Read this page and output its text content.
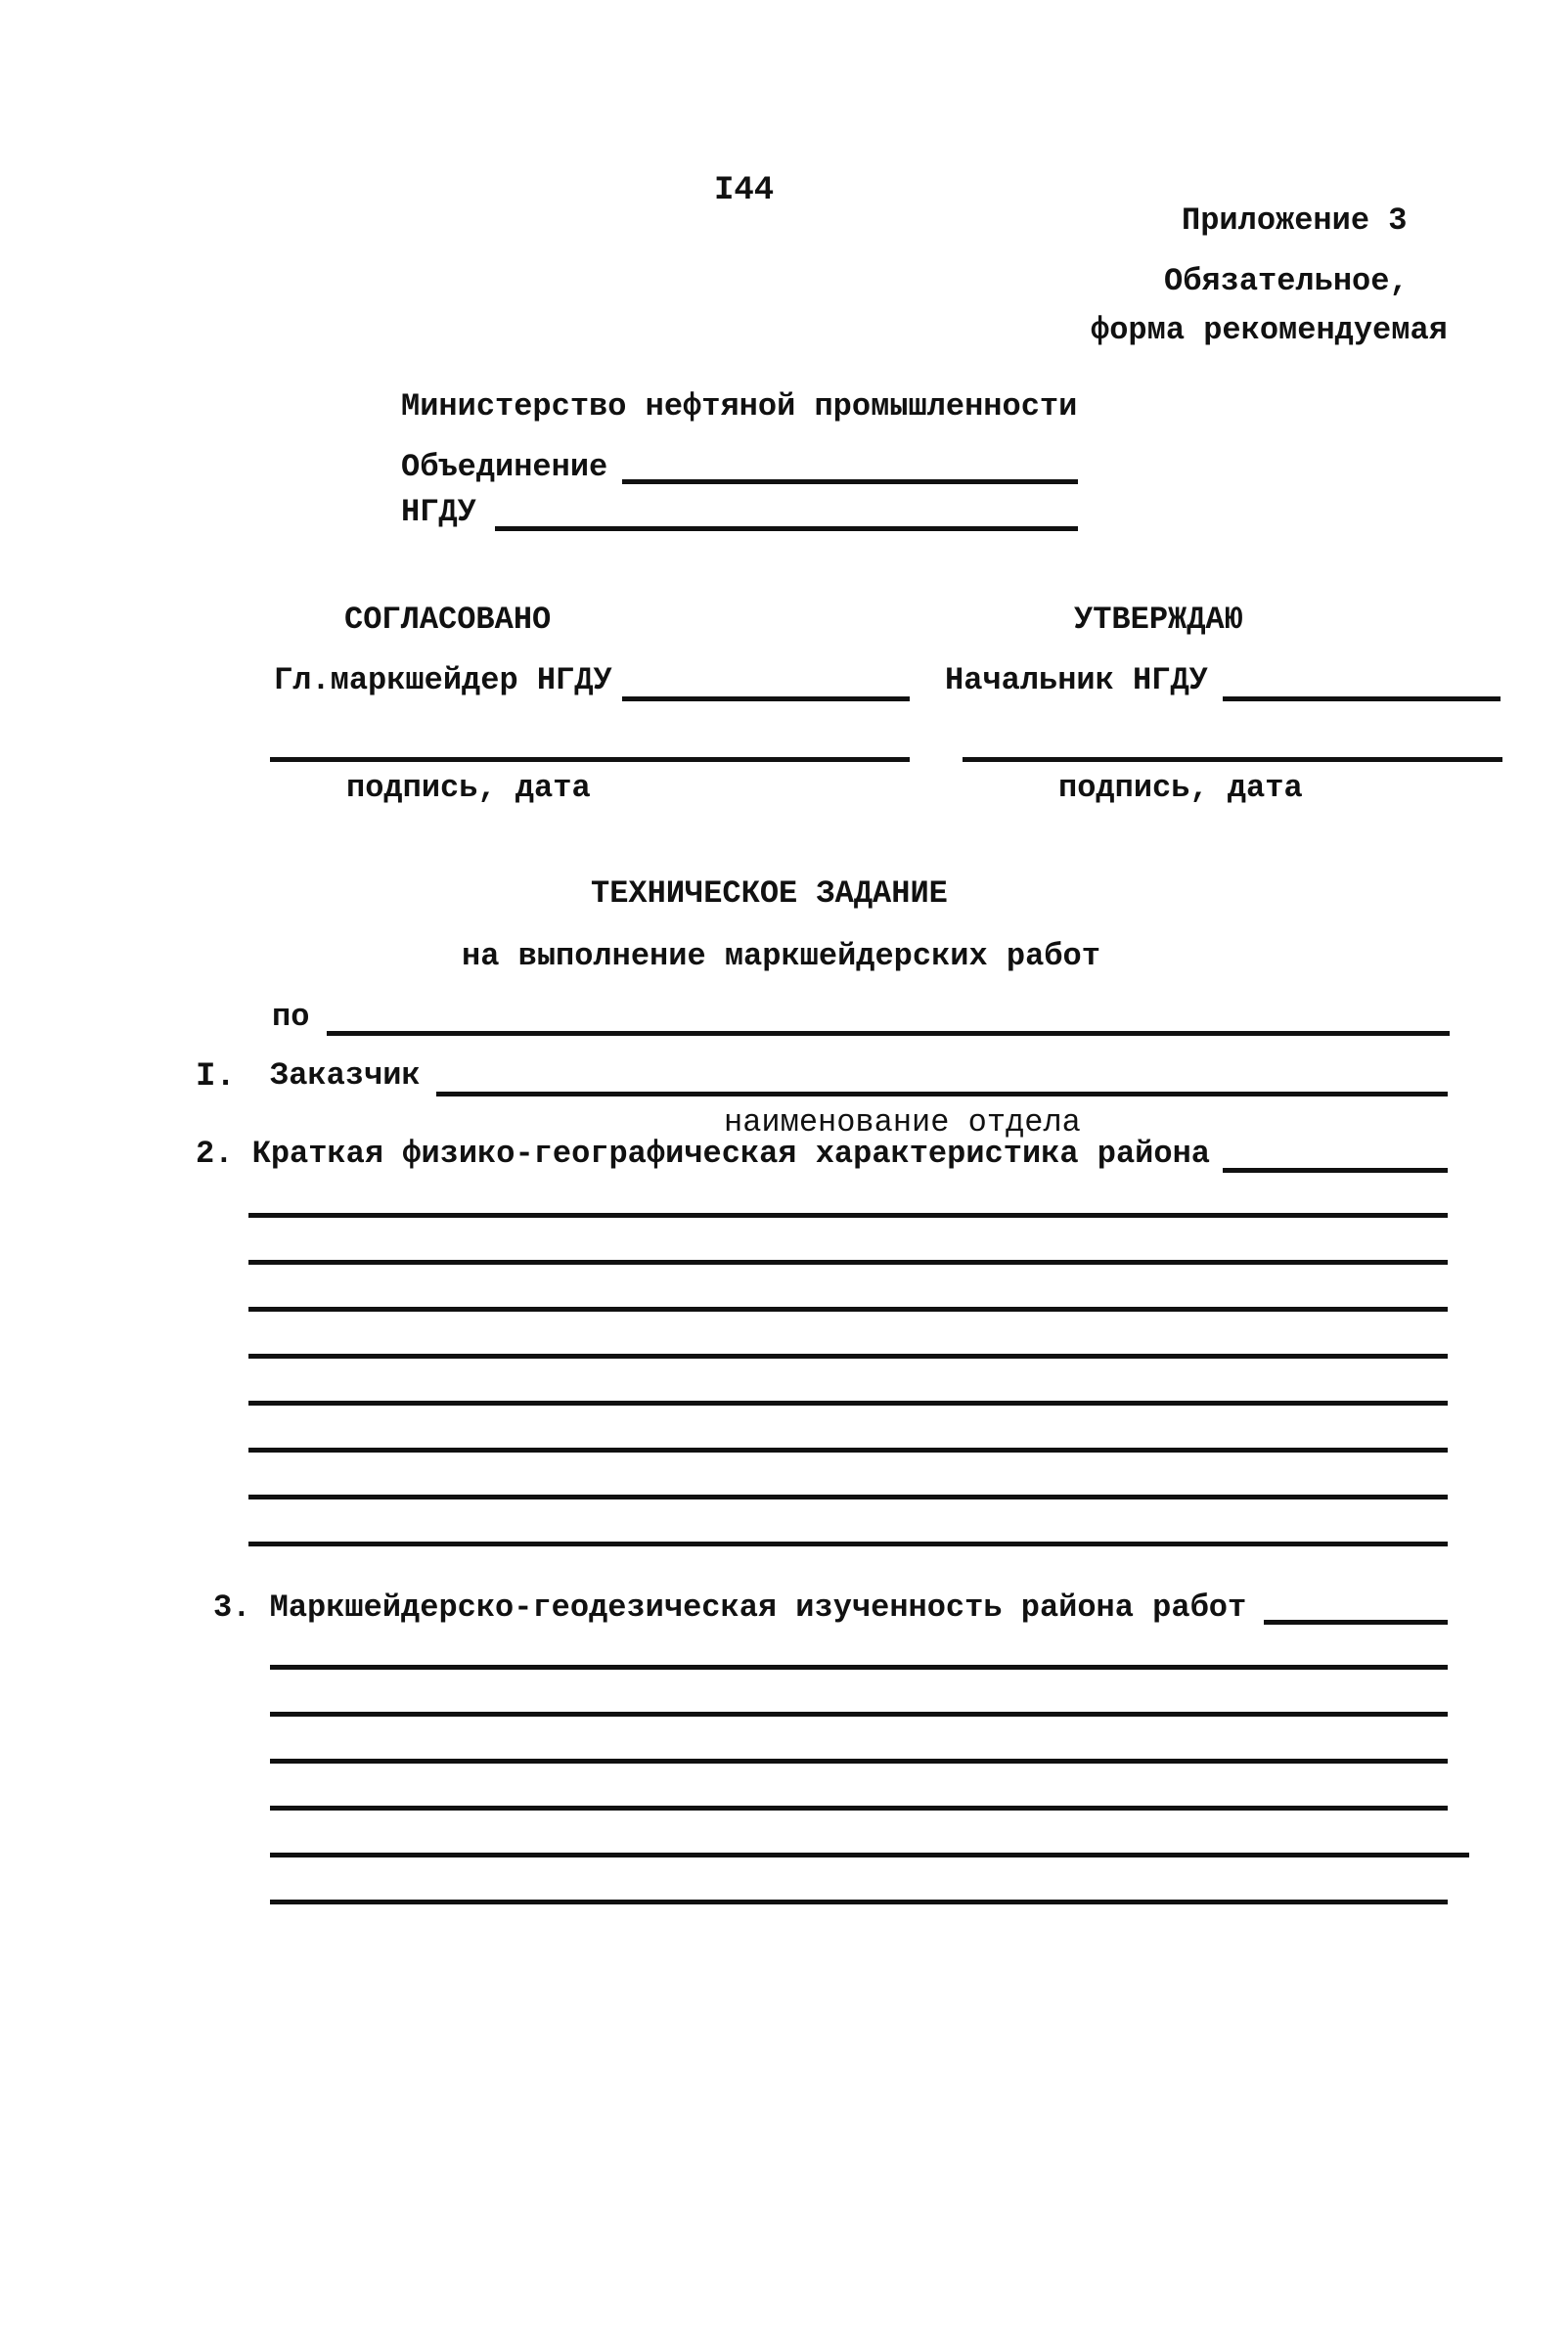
I44
Приложение 3
Обязательное,
форма рекомендуемая
Министерство нефтяной промышленности
Объединение
НГДУ
СОГЛАСОВАНО	УТВЕРЖДАЮ
Гл.маркшейдер НГДУ	Начальник НГДУ
подпись, дата	подпись, дата
ТЕХНИЧЕСКОЕ ЗАДАНИЕ
на выполнение маркшейдерских работ
по
I. Заказчик
наименование отдела
2. Краткая физико-географическая характеристика района
3. Маркшейдерско-геодезическая изученность района работ
